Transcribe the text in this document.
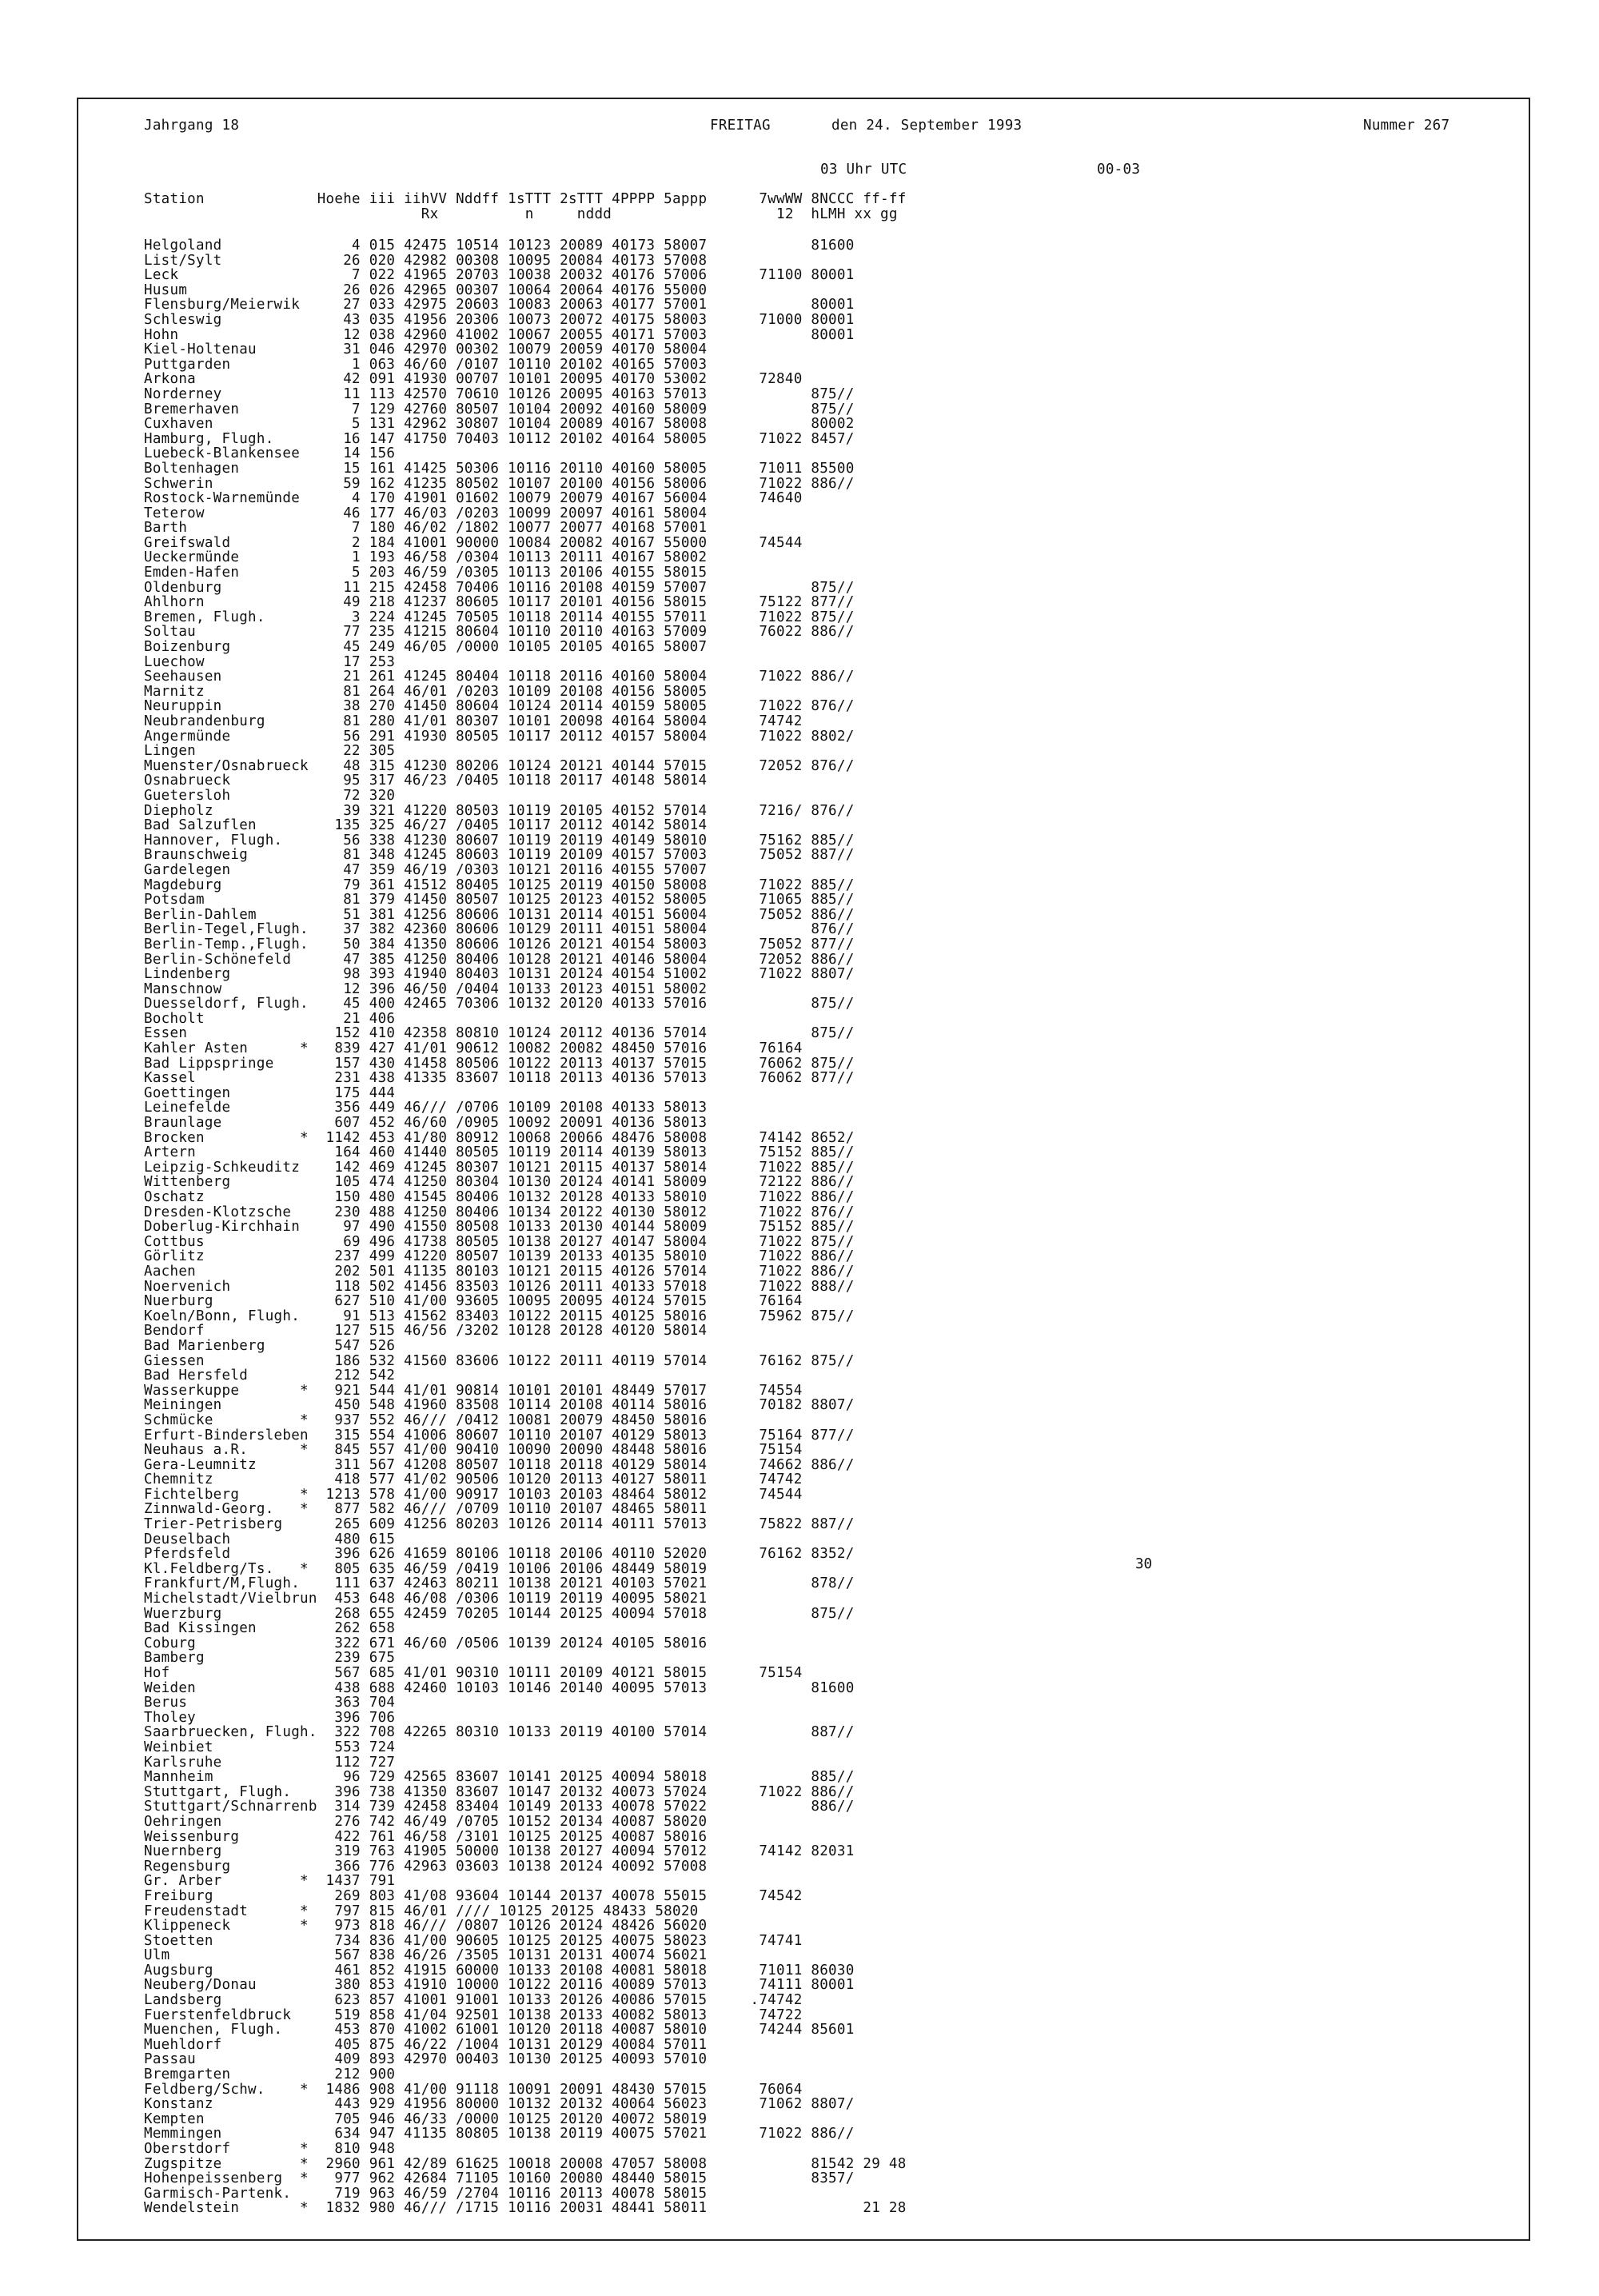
Jahrgang 18	FREITAG	den 24. September 1993	Nummer 267
03 Uhr UTC	00-03
Station             Hoehe iii iihVV Nddff 1sTTT 2sTTT 4PPPP 5appp      7wwWW 8NCCC ff-ff
Rx          n     nddd                   12  hLMH xx gg
Helgoland               4 015 42475 10514 10123 20089 40173 58007            81600
List/Sylt              26 020 42982 00308 10095 20084 40173 57008
Leck                    7 022 41965 20703 10038 20032 40176 57006      71100 80001
Husum                  26 026 42965 00307 10064 20064 40176 55000
Flensburg/Meierwik     27 033 42975 20603 10083 20063 40177 57001            80001
Schleswig              43 035 41956 20306 10073 20072 40175 58003      71000 80001
Hohn                   12 038 42960 41002 10067 20055 40171 57003            80001
Kiel-Holtenau          31 046 42970 00302 10079 20059 40170 58004
Puttgarden              1 063 46/60 /0107 10110 20102 40165 57003
Arkona                 42 091 41930 00707 10101 20095 40170 53002      72840
Norderney              11 113 42570 70610 10126 20095 40163 57013            875//
Bremerhaven             7 129 42760 80507 10104 20092 40160 58009            875//
Cuxhaven                5 131 42962 30807 10104 20089 40167 58008            80002
Hamburg, Flugh.        16 147 41750 70403 10112 20102 40164 58005      71022 8457/
Luebeck-Blankensee     14 156
Boltenhagen            15 161 41425 50306 10116 20110 40160 58005      71011 85500
Schwerin               59 162 41235 80502 10107 20100 40156 58006      71022 886//
Rostock-Warnemünde      4 170 41901 01602 10079 20079 40167 56004      74640
Teterow                46 177 46/03 /0203 10099 20097 40161 58004
Barth                   7 180 46/02 /1802 10077 20077 40168 57001
Greifswald              2 184 41001 90000 10084 20082 40167 55000      74544
Ueckermünde             1 193 46/58 /0304 10113 20111 40167 58002
Emden-Hafen             5 203 46/59 /0305 10113 20106 40155 58015
Oldenburg              11 215 42458 70406 10116 20108 40159 57007            875//
Ahlhorn                49 218 41237 80605 10117 20101 40156 58015      75122 877//
Bremen, Flugh.          3 224 41245 70505 10118 20114 40155 57011      71022 875//
Soltau                 77 235 41215 80604 10110 20110 40163 57009      76022 886//
Boizenburg             45 249 46/05 /0000 10105 20105 40165 58007
Luechow                17 253
Seehausen              21 261 41245 80404 10118 20116 40160 58004      71022 886//
Marnitz                81 264 46/01 /0203 10109 20108 40156 58005
Neuruppin              38 270 41450 80604 10124 20114 40159 58005      71022 876//
Neubrandenburg         81 280 41/01 80307 10101 20098 40164 58004      74742
Angermünde             56 291 41930 80505 10117 20112 40157 58004      71022 8802/
Lingen                 22 305
Muenster/Osnabrueck    48 315 41230 80206 10124 20121 40144 57015      72052 876//
Osnabrueck             95 317 46/23 /0405 10118 20117 40148 58014
Guetersloh             72 320
Diepholz               39 321 41220 80503 10119 20105 40152 57014      7216/ 876//
Bad Salzuflen         135 325 46/27 /0405 10117 20112 40142 58014
Hannover, Flugh.       56 338 41230 80607 10119 20119 40149 58010      75162 885//
Braunschweig           81 348 41245 80603 10119 20109 40157 57003      75052 887//
Gardelegen             47 359 46/19 /0303 10121 20116 40155 57007
Magdeburg              79 361 41512 80405 10125 20119 40150 58008      71022 885//
Potsdam                81 379 41450 80507 10125 20123 40152 58005      71065 885//
Berlin-Dahlem          51 381 41256 80606 10131 20114 40151 56004      75052 886//
Berlin-Tegel,Flugh.    37 382 42360 80606 10129 20111 40151 58004            876//
Berlin-Temp.,Flugh.    50 384 41350 80606 10126 20121 40154 58003      75052 877//
Berlin-Schönefeld      47 385 41250 80406 10128 20121 40146 58004      72052 886//
Lindenberg             98 393 41940 80403 10131 20124 40154 51002      71022 8807/
Manschnow              12 396 46/50 /0404 10133 20123 40151 58002
Duesseldorf, Flugh.    45 400 42465 70306 10132 20120 40133 57016            875//
Bocholt                21 406
Essen                 152 410 42358 80810 10124 20112 40136 57014            875//
Kahler Asten      *   839 427 41/01 90612 10082 20082 48450 57016      76164
Bad Lippspringe       157 430 41458 80506 10122 20113 40137 57015      76062 875//
Kassel                231 438 41335 83607 10118 20113 40136 57013      76062 877//
Goettingen            175 444
Leinefelde            356 449 46/// /0706 10109 20108 40133 58013
Braunlage             607 452 46/60 /0905 10092 20091 40136 58013
Brocken           *  1142 453 41/80 80912 10068 20066 48476 58008      74142 8652/
Artern                164 460 41440 80505 10119 20114 40139 58013      75152 885//
Leipzig-Schkeuditz    142 469 41245 80307 10121 20115 40137 58014      71022 885//
Wittenberg            105 474 41250 80304 10130 20124 40141 58009      72122 886//
Oschatz               150 480 41545 80406 10132 20128 40133 58010      71022 886//
Dresden-Klotzsche     230 488 41250 80406 10134 20122 40130 58012      71022 876//
Doberlug-Kirchhain     97 490 41550 80508 10133 20130 40144 58009      75152 885//
Cottbus                69 496 41738 80505 10138 20127 40147 58004      71022 875//
Görlitz               237 499 41220 80507 10139 20133 40135 58010      71022 886//
Aachen                202 501 41135 80103 10121 20115 40126 57014      71022 886//
Noervenich            118 502 41456 83503 10126 20111 40133 57018      71022 888//
Nuerburg              627 510 41/00 93605 10095 20095 40124 57015      76164
Koeln/Bonn, Flugh.     91 513 41562 83403 10122 20115 40125 58016      75962 875//
Bendorf               127 515 46/56 /3202 10128 20128 40120 58014
Bad Marienberg        547 526
Giessen               186 532 41560 83606 10122 20111 40119 57014      76162 875//
Bad Hersfeld          212 542
Wasserkuppe       *   921 544 41/01 90814 10101 20101 48449 57017      74554
Meiningen             450 548 41960 83508 10114 20108 40114 58016      70182 8807/
Schmücke          *   937 552 46/// /0412 10081 20079 48450 58016
Erfurt-Bindersleben   315 554 41006 80607 10110 20107 40129 58013      75164 877//
Neuhaus a.R.      *   845 557 41/00 90410 10090 20090 48448 58016      75154
Gera-Leumnitz         311 567 41208 80507 10118 20118 40129 58014      74662 886//
Chemnitz              418 577 41/02 90506 10120 20113 40127 58011      74742
Fichtelberg       *  1213 578 41/00 90917 10103 20103 48464 58012      74544
Zinnwald-Georg.   *   877 582 46/// /0709 10110 20107 48465 58011
Trier-Petrisberg      265 609 41256 80203 10126 20114 40111 57013      75822 887//
Deuselbach            480 615
Pferdsfeld            396 626 41659 80106 10118 20106 40110 52020      76162 8352/
Kl.Feldberg/Ts.   *   805 635 46/59 /0419 10106 20106 48449 58019
Frankfurt/M,Flugh.    111 637 42463 80211 10138 20121 40103 57021            878//
Michelstadt/Vielbrun  453 648 46/08 /0306 10119 20119 40095 58021
Wuerzburg             268 655 42459 70205 10144 20125 40094 57018            875//
Bad Kissingen         262 658
Coburg                322 671 46/60 /0506 10139 20124 40105 58016
Bamberg               239 675
Hof                   567 685 41/01 90310 10111 20109 40121 58015      75154
Weiden                438 688 42460 10103 10146 20140 40095 57013            81600
Berus                 363 704
Tholey                396 706
Saarbruecken, Flugh.  322 708 42265 80310 10133 20119 40100 57014            887//
Weinbiet              553 724
Karlsruhe             112 727
Mannheim               96 729 42565 83607 10141 20125 40094 58018            885//
Stuttgart, Flugh.     396 738 41350 83607 10147 20132 40073 57024      71022 886//
Stuttgart/Schnarrenb  314 739 42458 83404 10149 20133 40078 57022            886//
Oehringen             276 742 46/49 /0705 10152 20134 40087 58020
Weissenburg           422 761 46/58 /3101 10125 20125 40087 58016
Nuernberg             319 763 41905 50000 10138 20127 40094 57012      74142 82031
Regensburg            366 776 42963 03603 10138 20124 40092 57008
Gr. Arber         *  1437 791
Freiburg              269 803 41/08 93604 10144 20137 40078 55015      74542
Freudenstadt      *   797 815 46/01 //// 10125 20125 48433 58020
Klippeneck        *   973 818 46/// /0807 10126 20124 48426 56020
Stoetten              734 836 41/00 90605 10125 20125 40075 58023      74741
Ulm                   567 838 46/26 /3505 10131 20131 40074 56021
Augsburg              461 852 41915 60000 10133 20108 40081 58018      71011 86030
Neuberg/Donau         380 853 41910 10000 10122 20116 40089 57013      74111 80001
Landsberg             623 857 41001 91001 10133 20126 40086 57015     .74742
Fuerstenfeldbruck     519 858 41/04 92501 10138 20133 40082 58013      74722
Muenchen, Flugh.      453 870 41002 61001 10120 20118 40087 58010      74244 85601
Muehldorf             405 875 46/22 /1004 10131 20129 40084 57011
Passau                409 893 42970 00403 10130 20125 40093 57010
Bremgarten            212 900
Feldberg/Schw.    *  1486 908 41/00 91118 10091 20091 48430 57015      76064
Konstanz              443 929 41956 80000 10132 20132 40064 56023      71062 8807/
Kempten               705 946 46/33 /0000 10125 20120 40072 58019
Memmingen             634 947 41135 80805 10138 20119 40075 57021      71022 886//
Oberstdorf        *   810 948
Zugspitze         *  2960 961 42/89 61625 10018 20008 47057 58008            81542 29 48
Hohenpeissenberg  *   977 962 42684 71105 10160 20080 48440 58015            8357/
Garmisch-Partenk.     719 963 46/59 /2704 10116 20113 40078 58015
Wendelstein       *  1832 980 46/// /1715 10116 20031 48441 58011                  21 28
30
